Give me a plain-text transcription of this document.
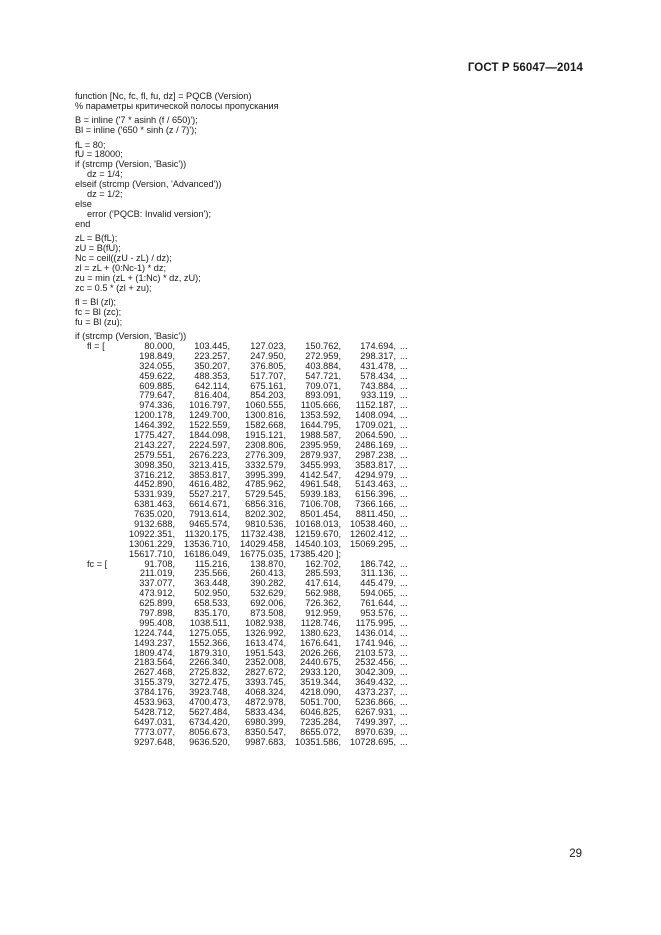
ГОСТ Р 56047—2014
function [Nc, fc, fl, fu, dz] = PQCB (Version)
% параметры критической полосы пропускания
B = inline ('7 * asinh (f / 650)');
Bl = inline ('650 * sinh (z / 7)');
fL = 80;
fU = 18000;
if (strcmp (Version, 'Basic'))
dz = 1/4;
elseif (strcmp (Version, 'Advanced'))
dz = 1/2;
else
error ('PQCB: Invalid version');
end
zL = B(fL);
zU = B(fU);
Nc = ceil((zU - zL) / dz);
zl = zL + (0:Nc-1) * dz;
zu = min (zL + (1:Nc) * dz, zU);
zc = 0.5 * (zl + zu);
fl = Bl (zl);
fc = Bl (zc);
fu = Bl (zu);
if (strcmp (Version, 'Basic'))
fl = [	80.000,	103.445,	127.023,	150.762,	174.694, ...
198.849,	223.257,	247.950,	272.959,	298.317, ...
324.055,	350.207,	376.805,	403.884,	431.478, ...
459.622,	488.353,	517.707,	547.721,	578.434, ...
609.885,	642.114,	675.161,	709.071,	743.884, ...
779.647,	816.404,	854.203,	893.091,	933.119, ...
974.336,	1016.797,	1060.555,	1105.666,	1152.187, ...
1200.178,	1249.700,	1300.816,	1353.592,	1408.094, ...
1464.392,	1522.559,	1582.668,	1644.795,	1709.021, ...
1775.427,	1844.098,	1915.121,	1988.587,	2064.590, ...
2143.227,	2224.597,	2308.806,	2395.959,	2486.169, ...
2579.551,	2676.223,	2776.309,	2879.937,	2987.238, ...
3098.350,	3213.415,	3332.579,	3455.993,	3583.817, ...
3716.212,	3853.817,	3995.399,	4142.547,	4294.979, ...
4452.890,	4616.482,	4785.962,	4961.548,	5143.463, ...
5331.939,	5527.217,	5729.545,	5939.183,	6156.396, ...
6381.463,	6614.671,	6856.316,	7106.708,	7366.166, ...
7635.020,	7913.614,	8202.302,	8501.454,	8811.450, ...
9132.688,	9465.574,	9810.536, 10168.013, 10538.460, ...
10922.351,	11320.175,	11732.438, 12159.670, 12602.412, ...
13061.229, 13536.710,	14029.458, 14540.103, 15069.295, ...
15617.710, 16186.049,	16775.035, 17385.420 ];
fc = [	91.708,	115.216,	138.870,	162.702,	186.742, ...
211.019,	235.566,	260.413,	285.593,	311.136, ...
337.077,	363.448,	390.282,	417.614,	445.479, ...
473.912,	502.950,	532.629,	562.988,	594.065, ...
625.899,	658.533,	692.006,	726.362,	761.644, ...
797.898,	835.170,	873.508,	912.959,	953.576, ...
995.408,	1038.511,	1082.938,	1128.746,	1175.995, ...
1224.744,	1275.055,	1326.992,	1380.623,	1436.014, ...
1493.237,	1552.366,	1613.474,	1676.641,	1741.946, ...
1809.474,	1879.310,	1951.543,	2026.266,	2103.573, ...
2183.564,	2266.340,	2352.008,	2440.675,	2532.456, ...
2627.468,	2725.832,	2827.672,	2933.120,	3042.309, ...
3155.379,	3272.475,	3393.745,	3519.344,	3649.432, ...
3784.176,	3923.748,	4068.324,	4218.090,	4373.237, ...
4533.963,	4700.473,	4872.978,	5051.700,	5236.866, ...
5428.712,	5627.484,	5833.434,	6046.825,	6267.931, ...
6497.031,	6734.420,	6980.399,	7235.284,	7499.397, ...
7773.077,	8056.673,	8350.547,	8655.072,	8970.639, ...
9297.648,	9636.520,	9987.683, 10351.586, 10728.695, ...
29
